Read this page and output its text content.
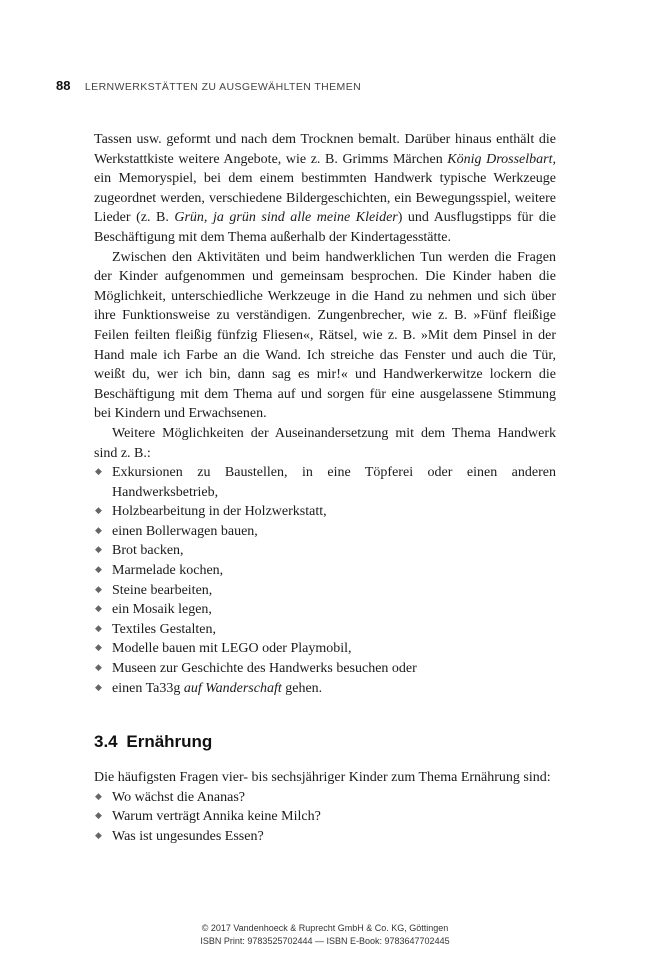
88 LERNWERKSTÄTTEN ZU AUSGEWÄHLTEN THEMEN

Tassen usw. geformt und nach dem Trocknen bemalt. Darüber hinaus enthält die Werkstattkiste weitere Angebote, wie z. B. Grimms Märchen König Drosselbart, ein Memoryspiel, bei dem einem bestimmten Handwerk typische Werkzeuge zugeordnet werden, verschiedene Bildergeschichten, ein Bewegungsspiel, weitere Lieder (z. B. Grün, ja grün sind alle meine Kleider) und Ausflugstipps für die Beschäftigung mit dem Thema außerhalb der Kindertagesstätte.

Zwischen den Aktivitäten und beim handwerklichen Tun werden die Fragen der Kinder aufgenommen und gemeinsam besprochen. Die Kinder haben die Möglichkeit, unterschiedliche Werkzeuge in die Hand zu nehmen und sich über ihre Funktionsweise zu verständigen. Zungenbrecher, wie z. B. »Fünf fleißige Feilen feilten fleißig fünfzig Fliesen«, Rätsel, wie z. B. »Mit dem Pinsel in der Hand male ich Farbe an die Wand. Ich streiche das Fenster und auch die Tür, weißt du, wer ich bin, dann sag es mir!« und Handwerkerwitze lockern die Beschäftigung mit dem Thema auf und sorgen für eine ausgelassene Stimmung bei Kindern und Erwachsenen.

Weitere Möglichkeiten der Auseinandersetzung mit dem Thema Handwerk sind z. B.:

◆ Exkursionen zu Baustellen, in eine Töpferei oder einen anderen Handwerksbetrieb,
◆ Holzbearbeitung in der Holzwerkstatt,
◆ einen Bollerwagen bauen,
◆ Brot backen,
◆ Marmelade kochen,
◆ Steine bearbeiten,
◆ ein Mosaik legen,
◆ Textiles Gestalten,
◆ Modelle bauen mit LEGO oder Playmobil,
◆ Museen zur Geschichte des Handwerks besuchen oder
◆ einen Ta33g auf Wanderschaft gehen.
3.4 Ernährung

Die häufigsten Fragen vier- bis sechsjähriger Kinder zum Thema Ernährung sind:

◆ Wo wächst die Ananas?
◆ Warum verträgt Annika keine Milch?
◆ Was ist ungesundes Essen?
© 2017 Vandenhoeck & Ruprecht GmbH & Co. KG, Göttingen
ISBN Print: 9783525702444 — ISBN E-Book: 9783647702445
